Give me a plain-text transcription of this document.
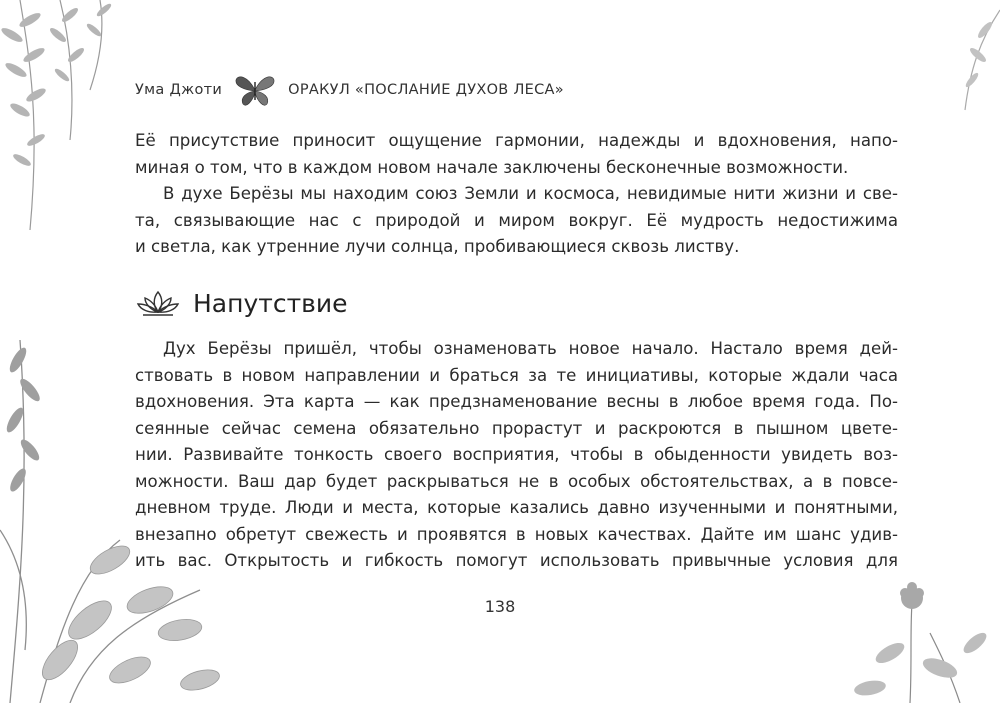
Ума Джоти	ОРАКУЛ «ПОСЛАНИЕ ДУХОВ ЛЕСА»
Её присутствие приносит ощущение гармонии, надежды и вдохновения, напо-
миная о том, что в каждом новом начале заключены бесконечные возможности.
В духе Берёзы мы находим союз Земли и космоса, невидимые нити жизни и све-
та, связывающие нас с природой и миром вокруг. Её мудрость недостижима
и светла, как утренние лучи солнца, пробивающиеся сквозь листву.
Напутствие
Дух Берёзы пришёл, чтобы ознаменовать новое начало. Настало время дей-
ствовать в новом направлении и браться за те инициативы, которые ждали часа
вдохновения. Эта карта — как предзнаменование весны в любое время года. По-
сеянные сейчас семена обязательно прорастут и раскроются в пышном цвете-
нии. Развивайте тонкость своего восприятия, чтобы в обыденности увидеть воз-
можности. Ваш дар будет раскрываться не в особых обстоятельствах, а в повсе-
дневном труде. Люди и места, которые казались давно изученными и понятными,
внезапно обретут свежесть и проявятся в новых качествах. Дайте им шанс удив-
ить вас. Открытость и гибкость помогут использовать привычные условия для
138
